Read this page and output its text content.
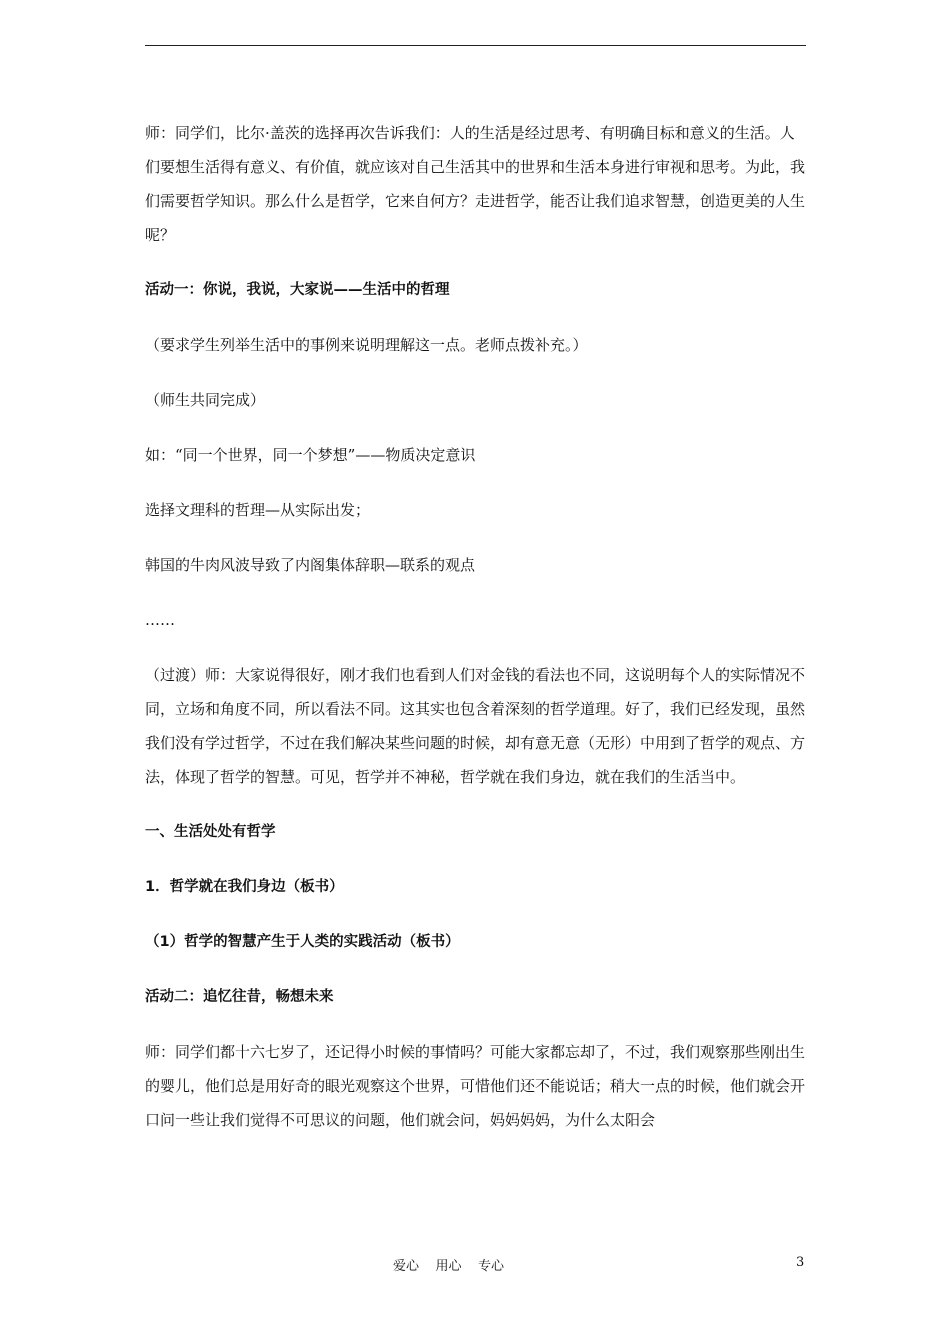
师：同学们，比尔·盖茨的选择再次告诉我们：人的生活是经过思考、有明确目标和意义的生活。人们要想生活得有意义、有价值，就应该对自己生活其中的世界和生活本身进行审视和思考。为此，我们需要哲学知识。那么什么是哲学，它来自何方？走进哲学，能否让我们追求智慧，创造更美的人生呢？

活动一：你说，我说，大家说——生活中的哲理

（要求学生列举生活中的事例来说明理解这一点。老师点拨补充。）

（师生共同完成）

如：“同一个世界，同一个梦想”——物质决定意识

选择文理科的哲理—从实际出发；

韩国的牛肉风波导致了内阁集体辞职—联系的观点

……

（过渡）师：大家说得很好，刚才我们也看到人们对金钱的看法也不同，这说明每个人的实际情况不同，立场和角度不同，所以看法不同。这其实也包含着深刻的哲学道理。好了，我们已经发现，虽然我们没有学过哲学，不过在我们解决某些问题的时候，却有意无意（无形）中用到了哲学的观点、方法，体现了哲学的智慧。可见，哲学并不神秘，哲学就在我们身边，就在我们的生活当中。

一、生活处处有哲学

1．哲学就在我们身边（板书）

（1）哲学的智慧产生于人类的实践活动（板书）

活动二：追忆往昔，畅想未来

师：同学们都十六七岁了，还记得小时候的事情吗？可能大家都忘却了，不过，我们观察那些刚出生的婴儿，他们总是用好奇的眼光观察这个世界，可惜他们还不能说话；稍大一点的时候，他们就会开口问一些让我们觉得不可思议的问题，他们就会问，妈妈妈妈，为什么太阳会

爱心    用心    专心	3
